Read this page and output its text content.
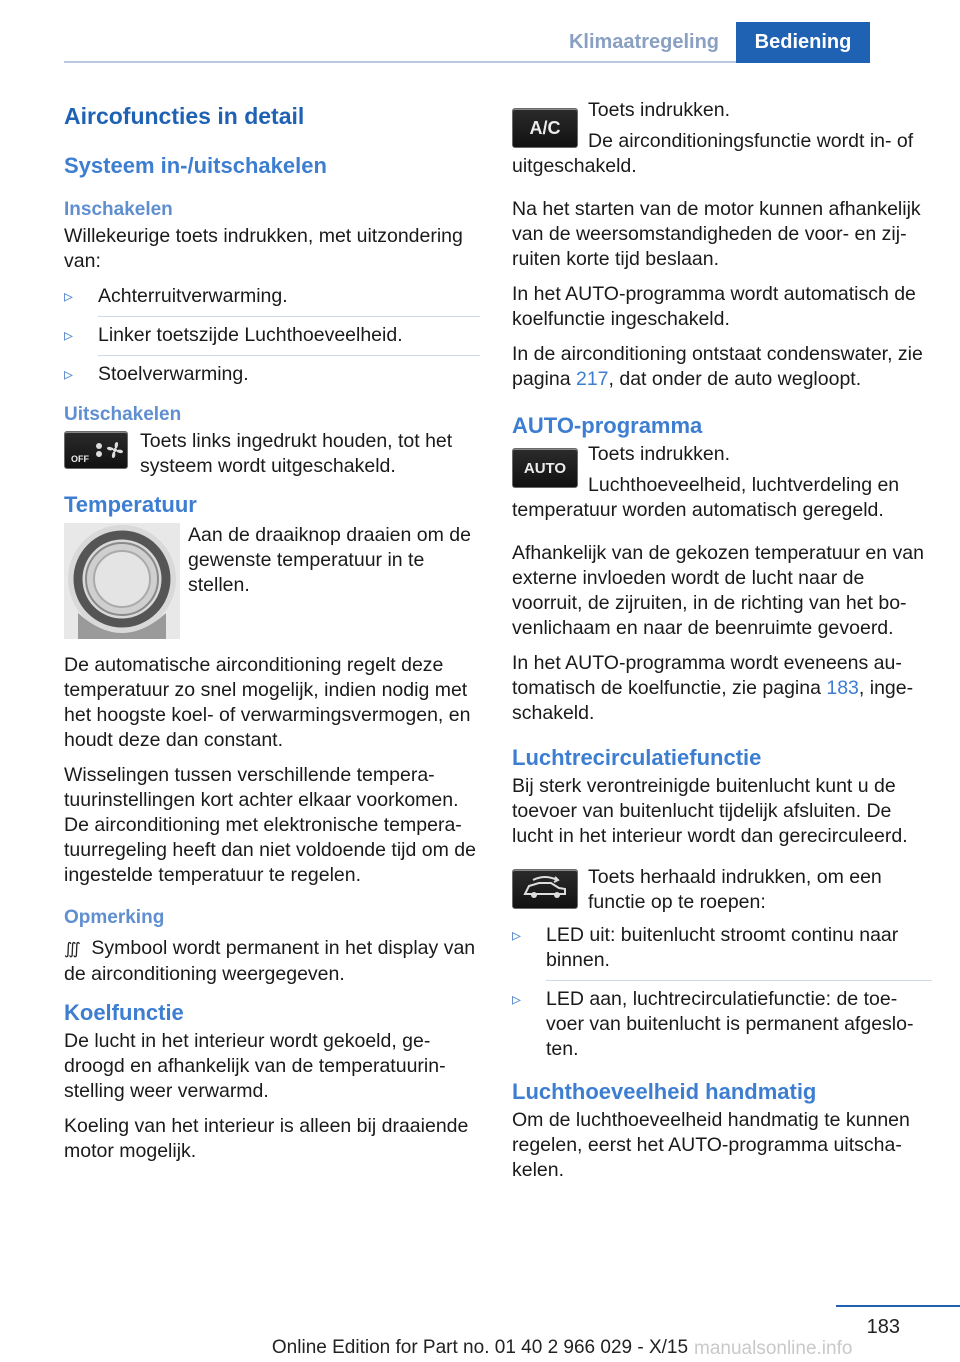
Klimaatregeling	Bediening
Aircofuncties in detail
Systeem in-/uitschakelen
Inschakelen

Willekeurige toets indrukken, met uitzondering van:

▹ Achterruitverwarming.
▹ Linker toetszijde Luchthoeveelheid.
▹ Stoelverwarming.
Uitschakelen
OFF

Toets links ingedrukt houden, tot het systeem wordt uitgeschakeld.

Temperatuur

Aan de draaiknop draaien om de gewenste temperatuur in te stellen.

De automatische airconditioning regelt deze temperatuur zo snel mogelijk, indien nodig met het hoogste koel- of verwarmingsvermogen, en houdt deze dan constant.

Wisselingen tussen verschillende tempera-tuurinstellingen kort achter elkaar voorkomen. De airconditioning met elektronische tempera-tuurregeling heeft dan niet voldoende tijd om de ingestelde temperatuur te regelen.

Opmerking

∭ Symbool wordt permanent in het display van de airconditioning weergegeven.

Koelfunctie

De lucht in het interieur wordt gekoeld, ge-droogd en afhankelijk van de temperatuurin-stelling weer verwarmd.

Koeling van het interieur is alleen bij draaiende motor mogelijk.

A/C

Toets indrukken.

De airconditioningsfunctie wordt in- of uitgeschakeld.

Na het starten van de motor kunnen afhankelijk van de weersomstandigheden de voor- en zij-ruiten korte tijd beslaan.

In het AUTO-programma wordt automatisch de koelfunctie ingeschakeld.

In de airconditioning ontstaat condenswater, zie pagina 217, dat onder de auto wegloopt.

AUTO-programma
AUTO

Toets indrukken.

Luchthoeveelheid, luchtverdeling en temperatuur worden automatisch geregeld.

Afhankelijk van de gekozen temperatuur en van externe invloeden wordt de lucht naar de voorruit, de zijruiten, in de richting van het bo-venlichaam en naar de beenruimte gevoerd.

In het AUTO-programma wordt eveneens au-tomatisch de koelfunctie, zie pagina 183, inge-schakeld.

Luchtrecirculatiefunctie

Bij sterk verontreinigde buitenlucht kunt u de toevoer van buitenlucht tijdelijk afsluiten. De lucht in het interieur wordt dan gerecirculeerd.

Toets herhaald indrukken, om een functie op te roepen:

▹ LED uit: buitenlucht stroomt continu naar binnen.
▹ LED aan, luchtrecirculatiefunctie: de toe-voer van buitenlucht is permanent afgeslo-ten.
Luchthoeveelheid handmatig

Om de luchthoeveelheid handmatig te kunnen regelen, eerst het AUTO-programma uitscha-kelen.

183
Online Edition for Part no. 01 40 2 966 029 - X/15 manualsonline.info
